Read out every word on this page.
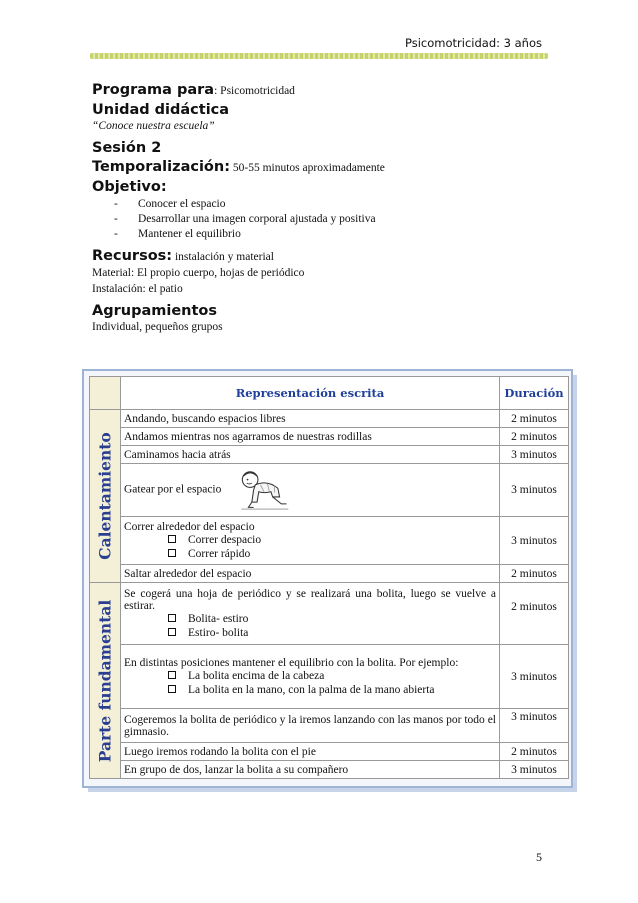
Psicomotricidad: 3 años
Programa para: Psicomotricidad
Unidad didáctica
“Conoce nuestra escuela”
Sesión 2
Temporalización: 50-55 minutos aproximadamente
Objetivo:
- Conocer el espacio
- Desarrollar una imagen corporal ajustada y positiva
- Mantener el equilibrio
Recursos: instalación y material
Material: El propio cuerpo, hojas de periódico
Instalación: el patio
Agrupamientos
Individual, pequeños grupos
	Representación escrita	Duración

Calentamiento	Andando, buscando espacios libres	2 minutos
	Andamos mientras nos agarramos de nuestras rodillas	2 minutos
	Caminamos hacia atrás	3 minutos
	Gatear por el espacio	3 minutos

	Correr alrededor del espacio
Correr despacio
Correr rápido	3 minutos
	Saltar alrededor del espacio	2 minutos

Parte fundamental	Se cogerá una hoja de periódico y se realizará una bolita, luego se vuelve a estirar.
Bolita- estiro
Estiro- bolita	2 minutos

	En distintas posiciones mantener el equilibrio con la bolita. Por ejemplo:
La bolita encima de la cabeza
La bolita en la mano, con la palma de la mano abierta	3 minutos
	Cogeremos la bolita de periódico y la iremos lanzando con las manos por todo el gimnasio.	3 minutos
	Luego iremos rodando la bolita con el pie	2 minutos
	En grupo de dos, lanzar la bolita a su compañero	3 minutos
5
